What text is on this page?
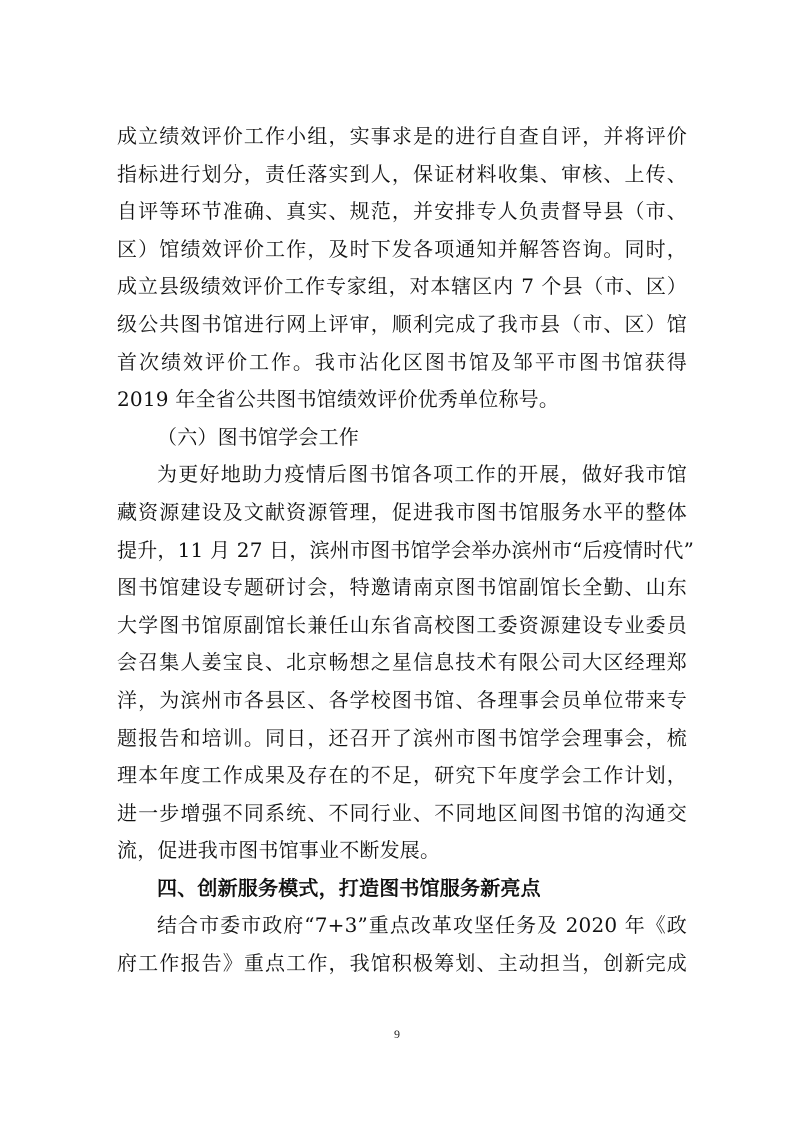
成立绩效评价工作小组，实事求是的进行自查自评，并将评价
指标进行划分，责任落实到人，保证材料收集、审核、上传、
自评等环节准确、真实、规范，并安排专人负责督导县（市、
区）馆绩效评价工作，及时下发各项通知并解答咨询。同时，
成立县级绩效评价工作专家组，对本辖区内 7 个县（市、区）
级公共图书馆进行网上评审，顺利完成了我市县（市、区）馆
首次绩效评价工作。我市沾化区图书馆及邹平市图书馆获得
2019 年全省公共图书馆绩效评价优秀单位称号。
（六）图书馆学会工作
为更好地助力疫情后图书馆各项工作的开展，做好我市馆
藏资源建设及文献资源管理，促进我市图书馆服务水平的整体
提升，11 月 27 日，滨州市图书馆学会举办滨州市“后疫情时代”
图书馆建设专题研讨会，特邀请南京图书馆副馆长全勤、山东
大学图书馆原副馆长兼任山东省高校图工委资源建设专业委员
会召集人姜宝良、北京畅想之星信息技术有限公司大区经理郑
洋，为滨州市各县区、各学校图书馆、各理事会员单位带来专
题报告和培训。同日，还召开了滨州市图书馆学会理事会，梳
理本年度工作成果及存在的不足，研究下年度学会工作计划，
进一步增强不同系统、不同行业、不同地区间图书馆的沟通交
流，促进我市图书馆事业不断发展。
四、创新服务模式，打造图书馆服务新亮点
结合市委市政府“7+3”重点改革攻坚任务及 2020 年《政
府工作报告》重点工作，我馆积极筹划、主动担当，创新完成
9
